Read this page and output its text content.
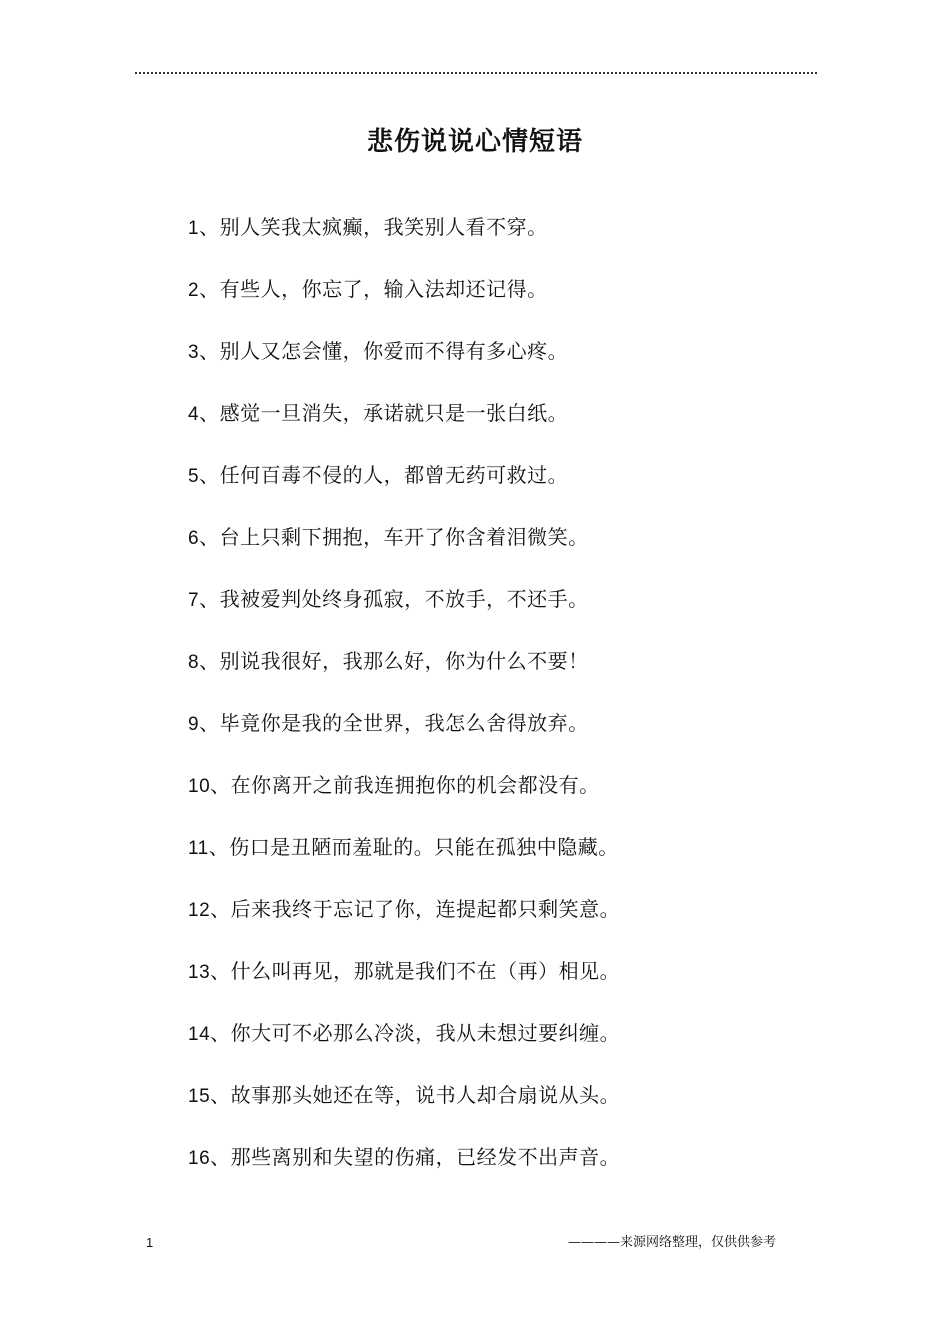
悲伤说说心情短语
1、别人笑我太疯癫，我笑别人看不穿。
2、有些人，你忘了，输入法却还记得。
3、别人又怎会懂，你爱而不得有多心疼。
4、感觉一旦消失，承诺就只是一张白纸。
5、任何百毒不侵的人，都曾无药可救过。
6、台上只剩下拥抱，车开了你含着泪微笑。
7、我被爱判处终身孤寂，不放手，不还手。
8、别说我很好，我那么好，你为什么不要！
9、毕竟你是我的全世界，我怎么舍得放弃。
10、在你离开之前我连拥抱你的机会都没有。
11、伤口是丑陋而羞耻的。只能在孤独中隐藏。
12、后来我终于忘记了你，连提起都只剩笑意。
13、什么叫再见，那就是我们不在（再）相见。
14、你大可不必那么冷淡，我从未想过要纠缠。
15、故事那头她还在等，说书人却合扇说从头。
16、那些离别和失望的伤痛，已经发不出声音。
1	————来源网络整理，仅供供参考
